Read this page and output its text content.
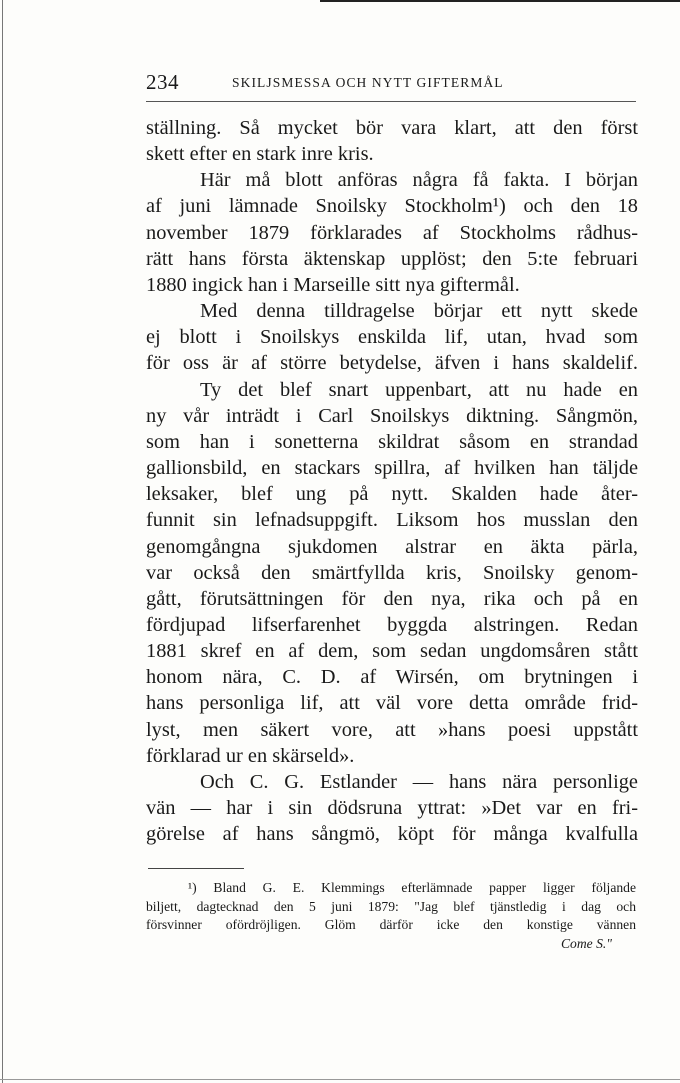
234	SKILJSMESSA OCH NYTT GIFTERMÅL
ställning. Så mycket bör vara klart, att den först
skett efter en stark inre kris.
Här må blott anföras några få fakta. I början
af juni lämnade Snoilsky Stockholm¹) och den 18
november 1879 förklarades af Stockholms rådhus-
rätt hans första äktenskap upplöst; den 5:te februari
1880 ingick han i Marseille sitt nya giftermål.
Med denna tilldragelse börjar ett nytt skede
ej blott i Snoilskys enskilda lif, utan, hvad som
för oss är af större betydelse, äfven i hans skaldelif.
Ty det blef snart uppenbart, att nu hade en
ny vår inträdt i Carl Snoilskys diktning. Sångmön,
som han i sonetterna skildrat såsom en strandad
gallionsbild, en stackars spillra, af hvilken han täljde
leksaker, blef ung på nytt. Skalden hade åter-
funnit sin lefnadsuppgift. Liksom hos musslan den
genomgångna sjukdomen alstrar en äkta pärla,
var också den smärtfyllda kris, Snoilsky genom-
gått, förutsättningen för den nya, rika och på en
fördjupad lifserfarenhet byggda alstringen. Redan
1881 skref en af dem, som sedan ungdomsåren stått
honom nära, C. D. af Wirsén, om brytningen i
hans personliga lif, att väl vore detta område frid-
lyst, men säkert vore, att »hans poesi uppstått
förklarad ur en skärseld».
Och C. G. Estlander — hans nära personlige
vän — har i sin dödsruna yttrat: »Det var en fri-
görelse af hans sångmö, köpt för många kvalfulla
¹) Bland G. E. Klemmings efterlämnade papper ligger följande
biljett, dagtecknad den 5 juni 1879: "Jag blef tjänstledig i dag och
försvinner ofördröjligen. Glöm därför icke den konstige vännen
Come S."
